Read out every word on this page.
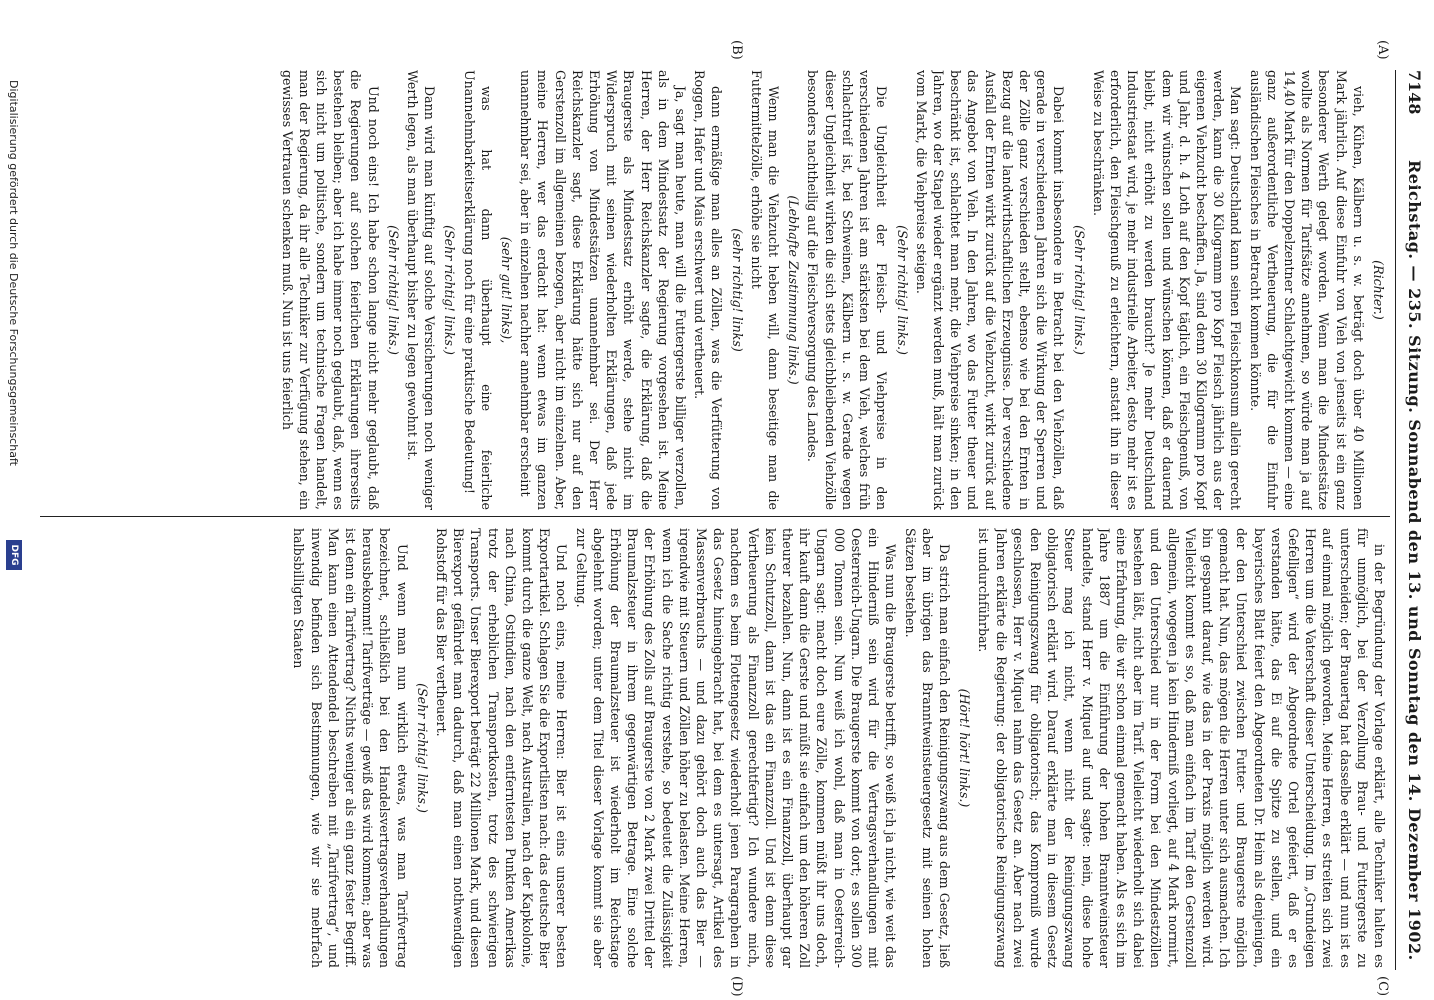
7148
Reichstag. — 235. Sitzung. Sonnabend den 13. und Sonntag den 14. Dezember 1902.
(A)
(B)
(C)
(D)

(Richter.)

vieh, Kühen, Kälbern u. s. w. beträgt doch über 40 Millionen Mark jährlich. Auf diese Einfuhr von Vieh von jenseits ist ein ganz besonderer Werth gelegt worden. Wenn man die Mindestsätze wollte als Normen für Tarifsätze annehmen, so würde man ja auf 14,40 Mark für den Doppelzentner Schlachtgewicht kommen — eine ganz außerordentliche Vertheuerung, die für die Einfuhr ausländischen Fleisches in Betracht kommen könnte.

Man sagt: Deutschland kann seinen Fleischkonsum allein gerecht werden, kann die 30 Kilogramm pro Kopf Fleisch jährlich aus der eigenen Viehzucht beschaffen. Ja, sind denn 30 Kilogramm pro Kopf und Jahr, d. h. 4 Loth auf den Kopf täglich, ein Fleischgenuß, von dem wir wünschen sollen und wünschen können, daß er dauernd bleibt, nicht erhöht zu werden braucht? Je mehr Deutschland Industriestaat wird, je mehr industrielle Arbeiter, desto mehr ist es erforderlich, den Fleischgenuß zu erleichtern, anstatt ihn in dieser Weise zu beschränken.

(Sehr richtig! links.)

Dabei kommt insbesondere in Betracht bei den Viehzöllen, daß gerade in verschiedenen Jahren sich die Wirkung der Sperren und der Zölle ganz verschieden stellt, ebenso wie bei den Ernten in Bezug auf die landwirthschaftlichen Erzeugnisse. Der verschiedene Ausfall der Ernten wirkt zurück auf die Viehzucht, wirkt zurück auf das Angebot von Vieh. In den Jahren, wo das Futter theuer und beschränkt ist, schlachtet man mehr, die Viehpreise sinken; in den Jahren, wo der Stapel wieder ergänzt werden muß, hält man zurück vom Markt, die Viehpreise steigen.

(Sehr richtig! links.)

Die Ungleichheit der Fleisch- und Viehpreise in den verschiedenen Jahren ist am stärksten bei dem Vieh, welches früh schlachtreif ist, bei Schweinen, Kälbern u. s. w. Gerade wegen dieser Ungleichheit wirken die sich stets gleichbleibenden Viehzölle besonders nachtheilig auf die Fleischversorgung des Landes.

(Lebhafte Zustimmung links.)

Wenn man die Viehzucht heben will, dann beseitige man die Futtermittelzölle, erhöhe sie nicht

(sehr richtig! links)

dann ermäßige man alles an Zöllen, was die Verfütterung von Roggen, Hafer und Mais erschwert und vertheuert.

Ja, sagt man heute, man will die Futtergerste billiger verzollen, als in dem Mindestsatz der Regierung vorgesehen ist. Meine Herren, der Herr Reichskanzler sagte, die Erklärung, daß die Braugerste als Mindestsatz erhöht werde, stehe nicht im Widerspruch mit seinen wiederholten Erklärungen, daß jede Erhöhung von Mindestsätzen unannehmbar sei. Der Herr Reichskanzler sagt, diese Erklärung hätte sich nur auf den Gerstenzoll im allgemeinen bezogen, aber nicht im einzelnen. Aber, meine Herren, wer das erdacht hat: wenn etwas im ganzen unannehmbar sei, aber in einzelnen nachher annehmbar erscheint

(sehr gut! links),

was hat dann überhaupt eine feierliche Unannehmbarkeitserklärung noch für eine praktische Bedeutung!

(Sehr richtig! links.)

Dann wird man künftig auf solche Versicherungen noch weniger Werth legen, als man überhaupt bisher zu legen gewohnt ist.

(Sehr richtig! links.)

Und noch eins! Ich habe schon lange nicht mehr geglaubt, daß die Regierungen auf solchen feierlichen Erklärungen ihrerseits bestehen bleiben; aber ich habe immer noch geglaubt, daß, wenn es sich nicht um politische, sondern um technische Fragen handelt, man der Regierung, da ihr alle Techniker zur Verfügung stehen, ein gewisses Vertrauen schenken muß. Nun ist uns feierlich

in der Begründung der Vorlage erklärt, alle Techniker halten es für unmöglich, bei der Verzollung Brau- und Futtergerste zu unterscheiden; der Brauertag hat dasselbe erklärt — und nun ist es auf einmal möglich geworden. Meine Herren, es streiten sich zwei Herren um die Vaterschaft dieser Unterscheidung. Im „Grundeigen Gefelligen“ wird der Abgeordnete Ortel gefeiert, daß er es verstanden hätte, das Ei auf die Spitze zu stellen, und ein bayerisches Blatt feiert den Abgeordneten Dr. Heim als denjenigen, der den Unterschied zwischen Futter- und Braugerste möglich gemacht hat. Nun, das mögen die Herren unter sich ausmachen. Ich bin gespannt darauf, wie das in der Praxis möglich werden wird. Vielleicht kommt es so, daß man einfach im Tarif den Gerstenzoll allgemein, wogegen ja kein Hinderniß vorliegt, auf 4 Mark normirt, und den Unterschied nur in der Form bei den Mindestzöllen bestehen läßt, nicht aber im Tarif. Vielleicht wiederholt sich dabei eine Erfahrung, die wir schon einmal gemacht haben. Als es sich im Jahre 1887 um die Einführung der hohen Branntweinsteuer handelte, stand Herr v. Miquel auf und sagte: nein, diese hohe Steuer mag ich nicht, wenn nicht der Reinigungszwang obligatorisch erklärt wird. Darauf erklärte man in diesem Gesetz den Reinigungszwang für obligatorisch; das Kompromiß wurde geschlossen, Herr v. Miquel nahm das Gesetz an. Aber nach zwei Jahren erklärte die Regierung: der obligatorische Reinigungszwang ist undurchführbar.

(Hört! hört! links.)

Da strich man einfach den Reinigungszwang aus dem Gesetz, ließ aber im übrigen das Branntweinsteuergesetz mit seinen hohen Sätzen bestehen.

Was nun die Braugerste betrifft, so weiß ich ja nicht, wie weit das ein Hinderniß sein wird für die Vertragsverhandlungen mit Oesterreich-Ungarn. Die Braugerste kommt von dort; es sollen 300 000 Tonnen sein. Nun weiß ich wohl, daß man in Oesterreich-Ungarn sagt: macht doch eure Zölle, kommen müßt ihr uns doch, ihr kauft dann die Gerste und müßt sie einfach um den höheren Zoll theurer bezahlen. Nun, dann ist es ein Finanzzoll, überhaupt gar kein Schutzzoll, dann ist das ein Finanzzoll. Und ist denn diese Vertheuerung als Finanzzoll gerechtfertigt? Ich wundere mich, nachdem es beim Flottengesetz wiederholt jenen Paragraphen in das Gesetz hineingebracht hat, bei dem es untersagt, Artikel des Massenverbrauchs — und dazu gehört doch auch das Bier — irgendwie mit Steuern und Zöllen höher zu belasten. Meine Herren, wenn ich die Sache richtig verstehe, so bedeutet die Zulässigkeit der Erhöhung des Zolls auf Braugerste von 2 Mark zwei Drittel der Braumalzsteuer in ihrem gegenwärtigen Betrage. Eine solche Erhöhung der Braumalzsteuer ist wiederholt im Reichstage abgelehnt worden; unter dem Titel dieser Vorlage kommt sie aber zur Geltung.

Und noch eins, meine Herren: Bier ist eins unserer besten Exportartikel. Schlagen Sie die Exportlisten nach: das deutsche Bier kommt durch die ganze Welt, nach Australien, nach der Kapkolonie, nach China, Ostindien, nach den entferntesten Punkten Amerikas trotz der erheblichen Transportkosten, trotz des schwierigen Transports. Unser Bierexport beträgt 22 Millionen Mark, und diesen Bierexport gefährdet man dadurch, daß man einen nothwendigen Rohstoff für das Bier vertheuert.

(Sehr richtig! links.)

Und wenn man nun wirklich etwas, was man Tarifvertrag bezeichnet, schließlich bei den Handelsvertragsverhandlungen herausbekommt! Tarifverträge — gewiß das wird kommen; aber was ist denn ein Tarifvertrag? Nichts weniger als ein ganz fester Begriff. Man kann einen Attendendel beschreiben mit „Tarifvertrag“, und inwendig befinden sich Bestimmungen, wie wir sie mehrfach halbsbilligten Staaten

Digitalisierung gefördert durch die Deutsche Forschungsgemeinschaft
DFG
